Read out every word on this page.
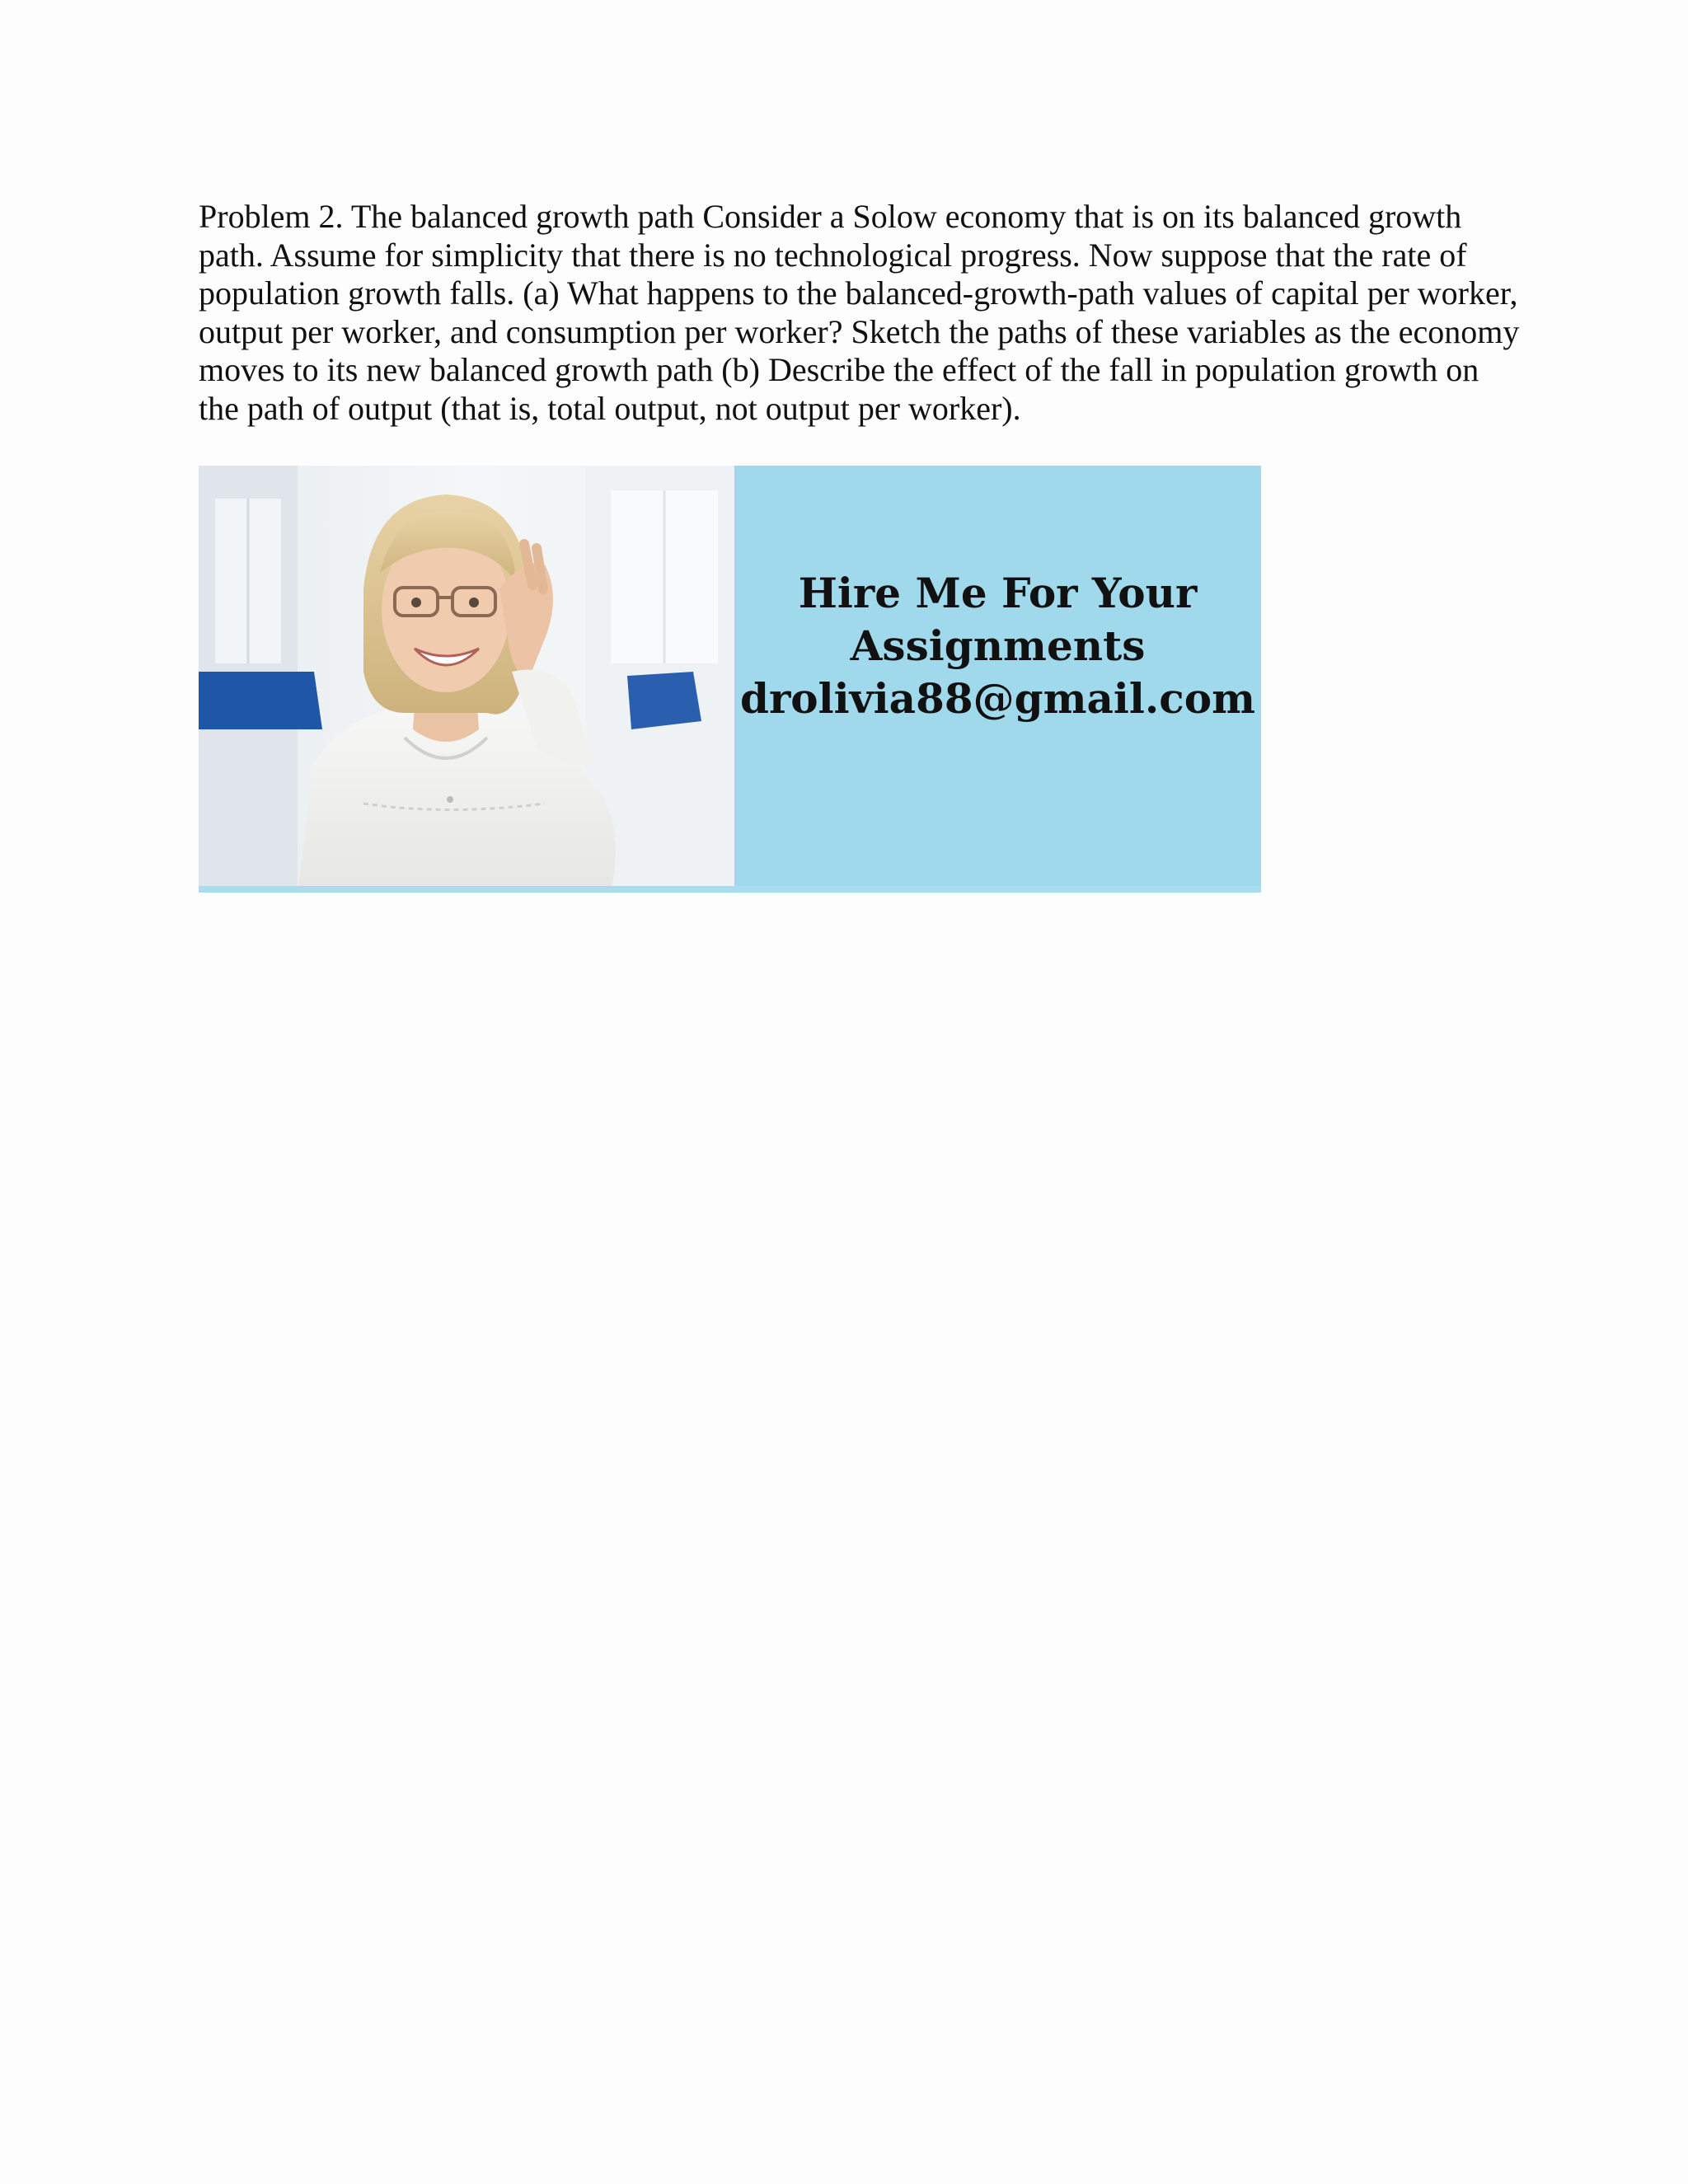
Problem 2. The balanced growth path Consider a Solow economy that is on its balanced growth path. Assume for simplicity that there is no technological progress. Now suppose that the rate of population growth falls. (a) What happens to the balanced-growth-path values of capital per worker, output per worker, and consumption per worker? Sketch the paths of these variables as the economy moves to its new balanced growth path (b) Describe the effect of the fall in population growth on the path of output (that is, total output, not output per worker).

Hire Me For Your
Assignments
drolivia88@gmail.com
